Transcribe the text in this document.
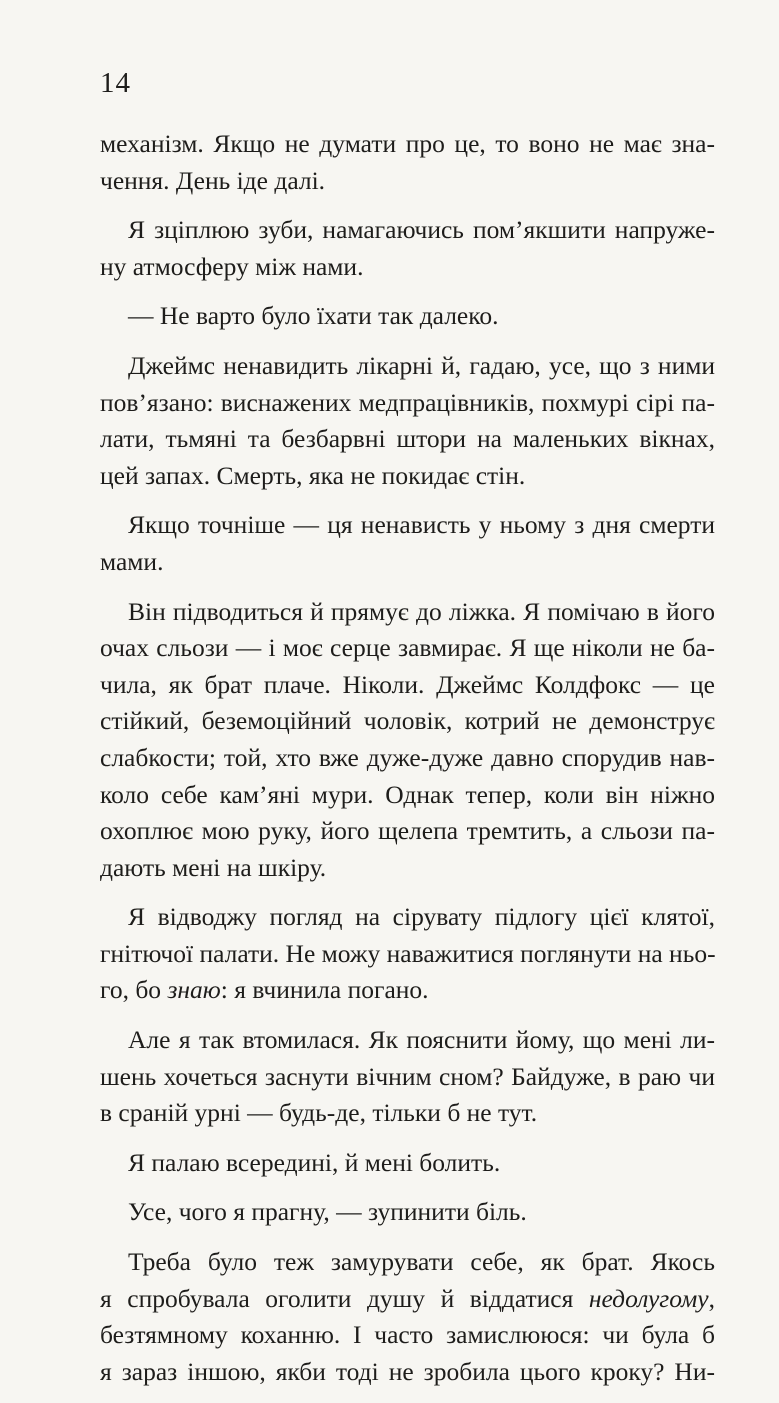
14

механізм. Якщо не думати про це, то воно не має зна-
чення. День іде далі.

Я зціплюю зуби, намагаючись пом’якшити напруже-
ну атмосферу між нами.

— Не варто було їхати так далеко.

Джеймс ненавидить лікарні й, гадаю, усе, що з ними
пов’язано: виснажених медпрацівників, похмурі сірі па-
лати, тьмяні та безбарвні штори на маленьких вікнах,
цей запах. Смерть, яка не покидає стін.

Якщо точніше — ця ненависть у ньому з дня смерти
мами.

Він підводиться й прямує до ліжка. Я помічаю в його
очах сльози — і моє серце завмирає. Я ще ніколи не ба-
чила, як брат плаче. Ніколи. Джеймс Колдфокс — це
стійкий, беземоційний чоловік, котрий не демонструє
слабкости; той, хто вже дуже-дуже давно спорудив нав-
коло себе кам’яні мури. Однак тепер, коли він ніжно
охоплює мою руку, його щелепа тремтить, а сльози па-
дають мені на шкіру.

Я відводжу погляд на сірувату підлогу цієї клятої,
гнітючої палати. Не можу наважитися поглянути на ньо-
го, бо знаю: я вчинила погано.

Але я так втомилася. Як пояснити йому, що мені ли-
шень хочеться заснути вічним сном? Байдуже, в раю чи
в сраній урні — будь-де, тільки б не тут.

Я палаю всередині, й мені болить.

Усе, чого я прагну, — зупинити біль.

Треба було теж замурувати себе, як брат. Якось
я спробувала оголити душу й віддатися недолугому,
безтямному коханню. І часто замислююся: чи була б
я зараз іншою, якби тоді не зробила цього кроку? Ни-
